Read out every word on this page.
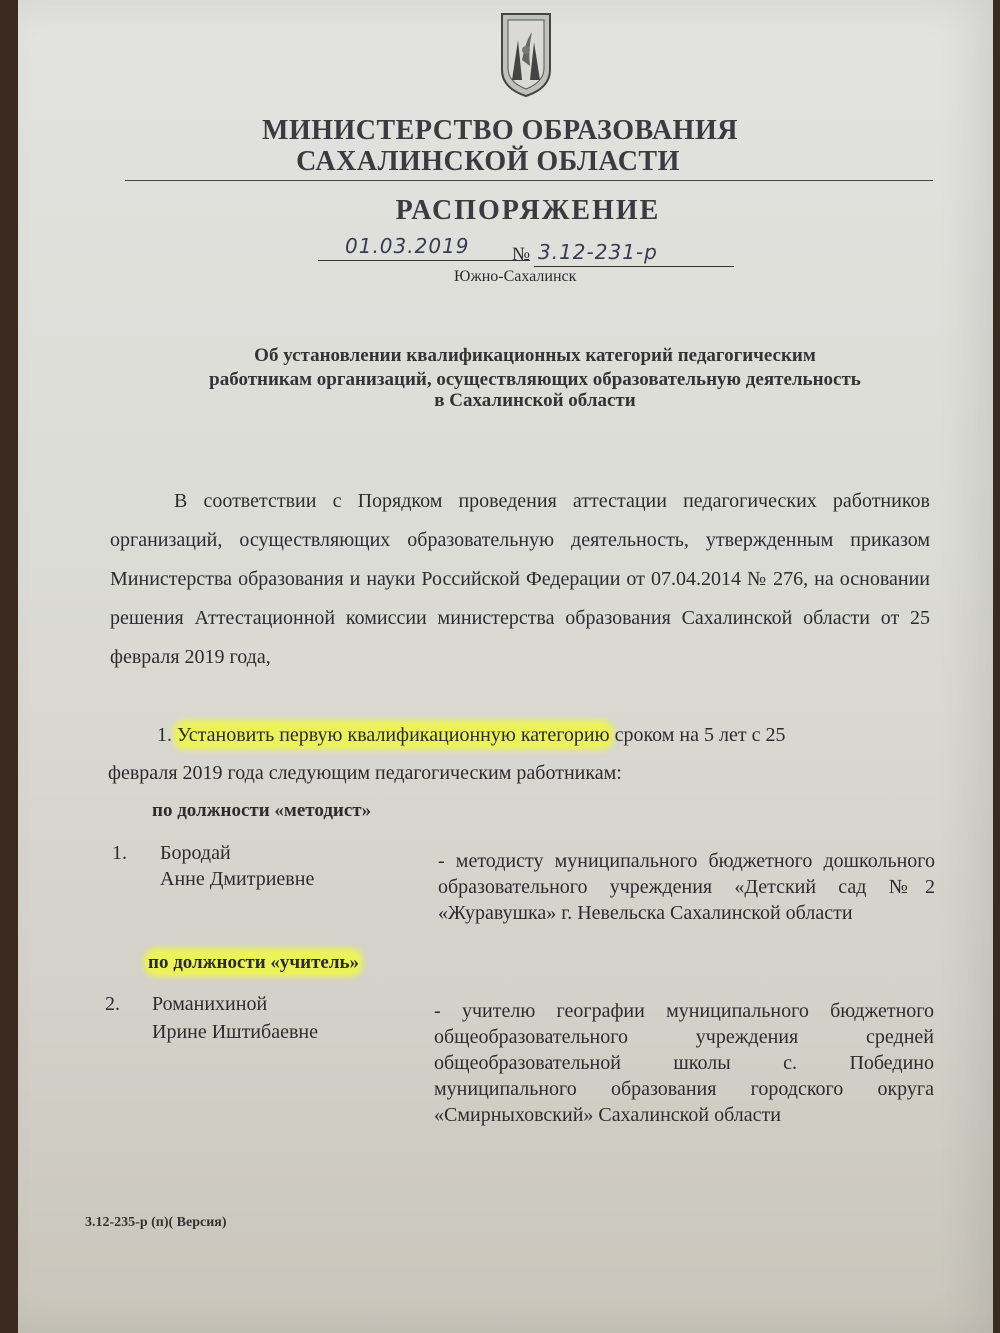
МИНИСТЕРСТВО ОБРАЗОВАНИЯ
САХАЛИНСКОЙ ОБЛАСТИ
РАСПОРЯЖЕНИЕ
01.03.2019 № 3.12-231-р
Южно-Сахалинск
Об установлении квалификационных категорий педагогическим
работникам организаций, осуществляющих образовательную деятельность
в Сахалинской области
В соответствии с Порядком проведения аттестации педагогических работников организаций, осуществляющих образовательную деятельность, утвержденным приказом Министерства образования и науки Российской Федерации от 07.04.2014 № 276, на основании решения Аттестационной комиссии министерства образования Сахалинской области от 25 февраля 2019 года,
1. Установить первую квалификационную категорию сроком на 5 лет с 25
февраля 2019 года следующим педагогическим работникам:
по должности «методист»
1. Бородай
Анне Дмитриевне
- методисту муниципального бюджетного дошкольного образовательного учреждения «Детский сад №2 «Журавушка» г. Невельска Сахалинской области
по должности «учитель»
2. Романихиной
Ирине Иштибаевне
- учителю географии муниципального бюджетного общеобразовательного учреждения средней общеобразовательной школы с. Победино муниципального образования городского округа «Смирныховский» Сахалинской области
3.12-235-р (п)( Версия)
